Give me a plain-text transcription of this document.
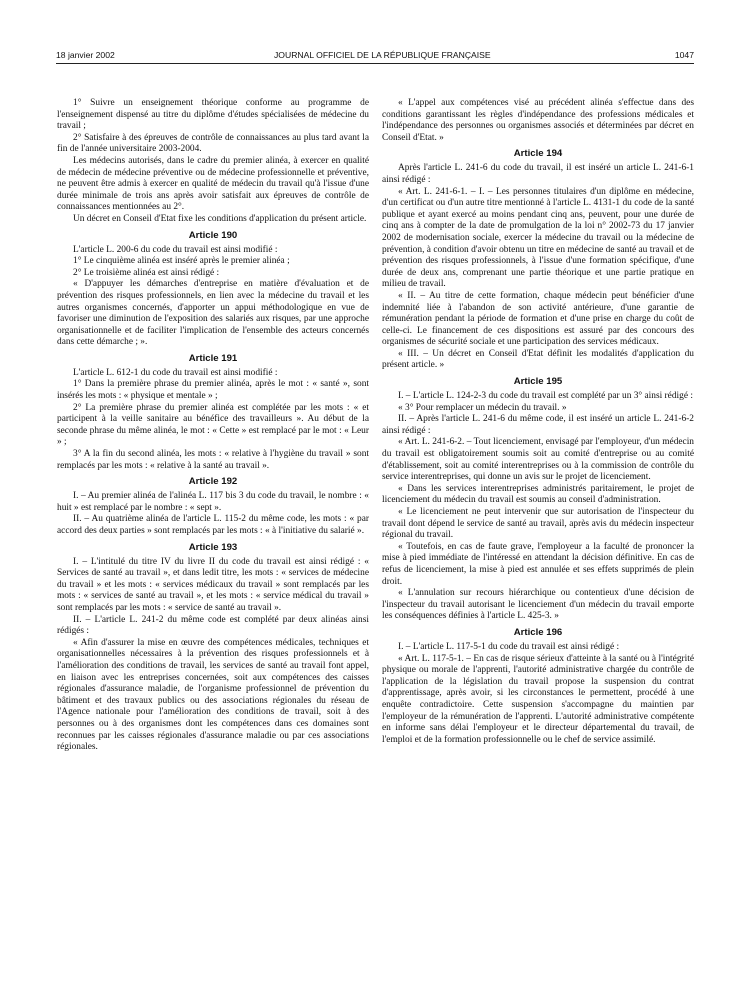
18 janvier 2002	JOURNAL OFFICIEL DE LA RÉPUBLIQUE FRANÇAISE	1047

1° Suivre un enseignement théorique conforme au programme de l'enseignement dispensé au titre du diplôme d'études spécialisées de médecine du travail ;

2° Satisfaire à des épreuves de contrôle de connaissances au plus tard avant la fin de l'année universitaire 2003-2004.

Les médecins autorisés, dans le cadre du premier alinéa, à exercer en qualité de médecin de médecine préventive ou de médecine professionnelle et préventive, ne peuvent être admis à exercer en qualité de médecin du travail qu'à l'issue d'une durée minimale de trois ans après avoir satisfait aux épreuves de contrôle de connaissances mentionnées au 2°.

Un décret en Conseil d'Etat fixe les conditions d'application du présent article.

Article 190

L'article L. 200-6 du code du travail est ainsi modifié :

1° Le cinquième alinéa est inséré après le premier alinéa ;

2° Le troisième alinéa est ainsi rédigé :

« D'appuyer les démarches d'entreprise en matière d'évaluation et de prévention des risques professionnels, en lien avec la médecine du travail et les autres organismes concernés, d'apporter un appui méthodologique en vue de favoriser une diminution de l'exposition des salariés aux risques, par une approche organisationnelle et de faciliter l'implication de l'ensemble des acteurs concernés dans cette démarche ; ».

Article 191

L'article L. 612-1 du code du travail est ainsi modifié :

1° Dans la première phrase du premier alinéa, après le mot : « santé », sont insérés les mots : « physique et mentale » ;

2° La première phrase du premier alinéa est complétée par les mots : « et participent à la veille sanitaire au bénéfice des travailleurs ». Au début de la seconde phrase du même alinéa, le mot : « Cette » est remplacé par le mot : « Leur » ;

3° A la fin du second alinéa, les mots : « relative à l'hygiène du travail » sont remplacés par les mots : « relative à la santé au travail ».

Article 192

I. – Au premier alinéa de l'alinéa L. 117 bis 3 du code du travail, le nombre : « huit » est remplacé par le nombre : « sept ».

II. – Au quatrième alinéa de l'article L. 115-2 du même code, les mots : « par accord des deux parties » sont remplacés par les mots : « à l'initiative du salarié ».

Article 193

I. – L'intitulé du titre IV du livre II du code du travail est ainsi rédigé : « Services de santé au travail », et dans ledit titre, les mots : « services de médecine du travail » et les mots : « services médicaux du travail » sont remplacés par les mots : « services de santé au travail », et les mots : « service médical du travail » sont remplacés par les mots : « service de santé au travail ».

II. – L'article L. 241-2 du même code est complété par deux alinéas ainsi rédigés :

« Afin d'assurer la mise en œuvre des compétences médicales, techniques et organisationnelles nécessaires à la prévention des risques professionnels et à l'amélioration des conditions de travail, les services de santé au travail font appel, en liaison avec les entreprises concernées, soit aux compétences des caisses régionales d'assurance maladie, de l'organisme professionnel de prévention du bâtiment et des travaux publics ou des associations régionales du réseau de l'Agence nationale pour l'amélioration des conditions de travail, soit à des personnes ou à des organismes dont les compétences dans ces domaines sont reconnues par les caisses régionales d'assurance maladie ou par ces associations régionales.

« L'appel aux compétences visé au précédent alinéa s'effectue dans des conditions garantissant les règles d'indépendance des professions médicales et l'indépendance des personnes ou organismes associés et déterminées par décret en Conseil d'Etat. »

Article 194

Après l'article L. 241-6 du code du travail, il est inséré un article L. 241-6-1 ainsi rédigé :

« Art. L. 241-6-1. – I. – Les personnes titulaires d'un diplôme en médecine, d'un certificat ou d'un autre titre mentionné à l'article L. 4131-1 du code de la santé publique et ayant exercé au moins pendant cinq ans, peuvent, pour une durée de cinq ans à compter de la date de promulgation de la loi n° 2002-73 du 17 janvier 2002 de modernisation sociale, exercer la médecine du travail ou la médecine de prévention, à condition d'avoir obtenu un titre en médecine de santé au travail et de prévention des risques professionnels, à l'issue d'une formation spécifique, d'une durée de deux ans, comprenant une partie théorique et une partie pratique en milieu de travail.

« II. – Au titre de cette formation, chaque médecin peut bénéficier d'une indemnité liée à l'abandon de son activité antérieure, d'une garantie de rémunération pendant la période de formation et d'une prise en charge du coût de celle-ci. Le financement de ces dispositions est assuré par des concours des organismes de sécurité sociale et une participation des services médicaux.

« III. – Un décret en Conseil d'Etat définit les modalités d'application du présent article. »

Article 195

I. – L'article L. 124-2-3 du code du travail est complété par un 3° ainsi rédigé :

« 3° Pour remplacer un médecin du travail. »

II. – Après l'article L. 241-6 du même code, il est inséré un article L. 241-6-2 ainsi rédigé :

« Art. L. 241-6-2. – Tout licenciement, envisagé par l'employeur, d'un médecin du travail est obligatoirement soumis soit au comité d'entreprise ou au comité d'établissement, soit au comité interentreprises ou à la commission de contrôle du service interentreprises, qui donne un avis sur le projet de licenciement.

« Dans les services interentreprises administrés paritairement, le projet de licenciement du médecin du travail est soumis au conseil d'administration.

« Le licenciement ne peut intervenir que sur autorisation de l'inspecteur du travail dont dépend le service de santé au travail, après avis du médecin inspecteur régional du travail.

« Toutefois, en cas de faute grave, l'employeur a la faculté de prononcer la mise à pied immédiate de l'intéressé en attendant la décision définitive. En cas de refus de licenciement, la mise à pied est annulée et ses effets supprimés de plein droit.

« L'annulation sur recours hiérarchique ou contentieux d'une décision de l'inspecteur du travail autorisant le licenciement d'un médecin du travail emporte les conséquences définies à l'article L. 425-3. »

Article 196

I. – L'article L. 117-5-1 du code du travail est ainsi rédigé :

« Art. L. 117-5-1. – En cas de risque sérieux d'atteinte à la santé ou à l'intégrité physique ou morale de l'apprenti, l'autorité administrative chargée du contrôle de l'application de la législation du travail propose la suspension du contrat d'apprentissage, après avoir, si les circonstances le permettent, procédé à une enquête contradictoire. Cette suspension s'accompagne du maintien par l'employeur de la rémunération de l'apprenti. L'autorité administrative compétente en informe sans délai l'employeur et le directeur départemental du travail, de l'emploi et de la formation professionnelle ou le chef de service assimilé.
